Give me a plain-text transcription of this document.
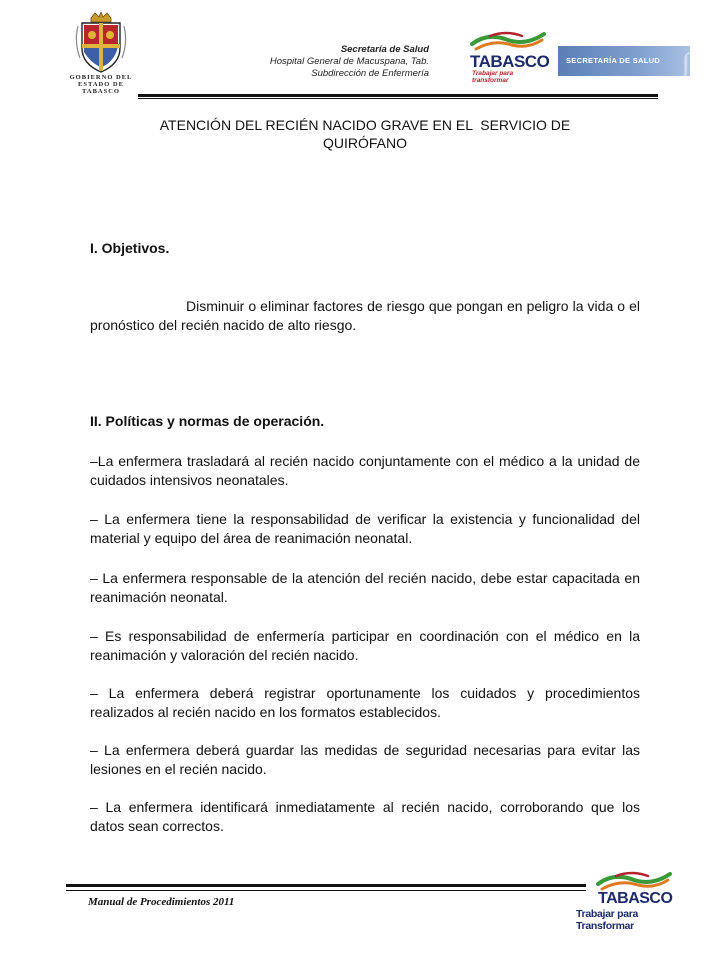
GOBIERNO DEL
ESTADO DE
TABASCO
Secretaría de Salud
Hospital General de Macuspana, Tab.
Subdirección de Enfermería
TABASCO
Trabajar para transformar
SECRETARÍA DE SALUD ∫∫
ATENCIÓN DEL RECIÉN NACIDO GRAVE EN EL  SERVICIO DE
QUIRÓFANO
I. Objetivos.
Disminuir o eliminar factores de riesgo que pongan en peligro la vida o el pronóstico del recién nacido de alto riesgo.
II. Políticas y normas de operación.
–La enfermera trasladará al recién nacido conjuntamente con el médico a la unidad de cuidados intensivos neonatales.
– La enfermera tiene la responsabilidad de verificar la existencia y funcionalidad del material y equipo del área de reanimación neonatal.
– La enfermera responsable de la atención del recién nacido, debe estar capacitada en reanimación neonatal.
– Es responsabilidad de enfermería participar en coordinación con el médico en la reanimación y valoración del recién nacido.
– La enfermera deberá registrar oportunamente los cuidados y procedimientos realizados al recién nacido en los formatos establecidos.
– La enfermera deberá guardar las medidas de seguridad necesarias para evitar las lesiones en el recién nacido.
– La enfermera identificará inmediatamente al recién nacido, corroborando que los datos sean correctos.
Manual de Procedimientos 2011	TABASCO
Trabajar para Transformar
